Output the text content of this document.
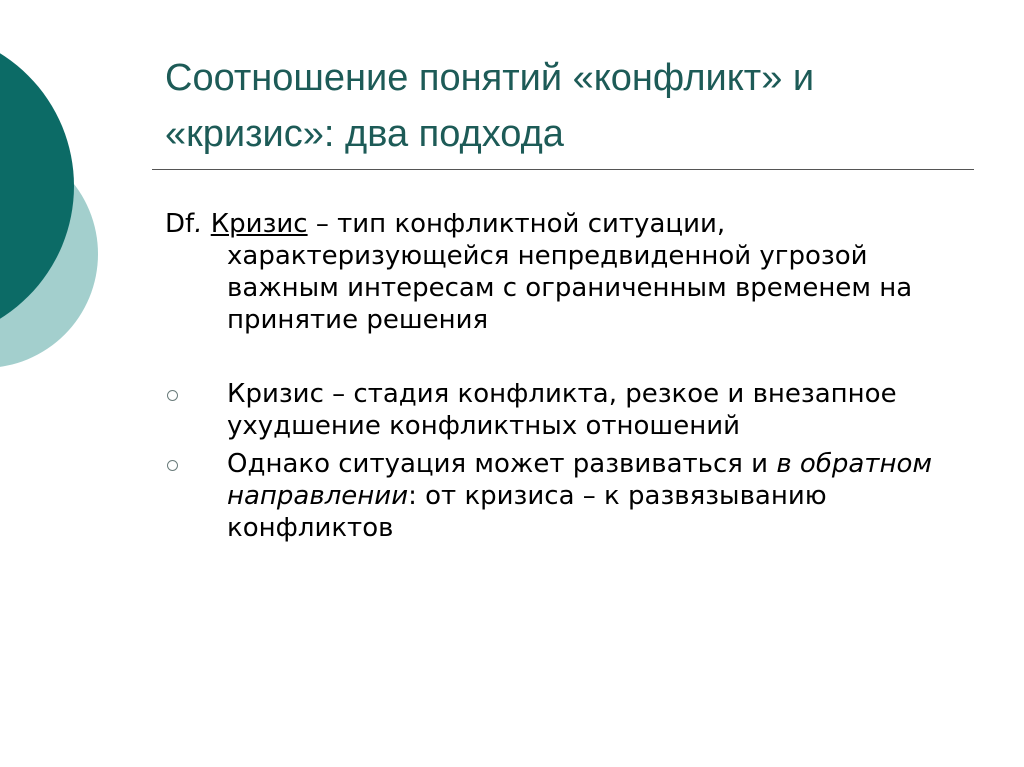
Соотношение понятий «конфликт» и
«кризис»: два подхода
Df. Кризис – тип конфликтной ситуации,
характеризующейся непредвиденной угрозой важным интересам с ограниченным временем на принятие решения
Кризис – стадия конфликта, резкое и внезапное ухудшение конфликтных отношений
Однако ситуация может развиваться и в обратном направлении: от кризиса – к развязыванию конфликтов
